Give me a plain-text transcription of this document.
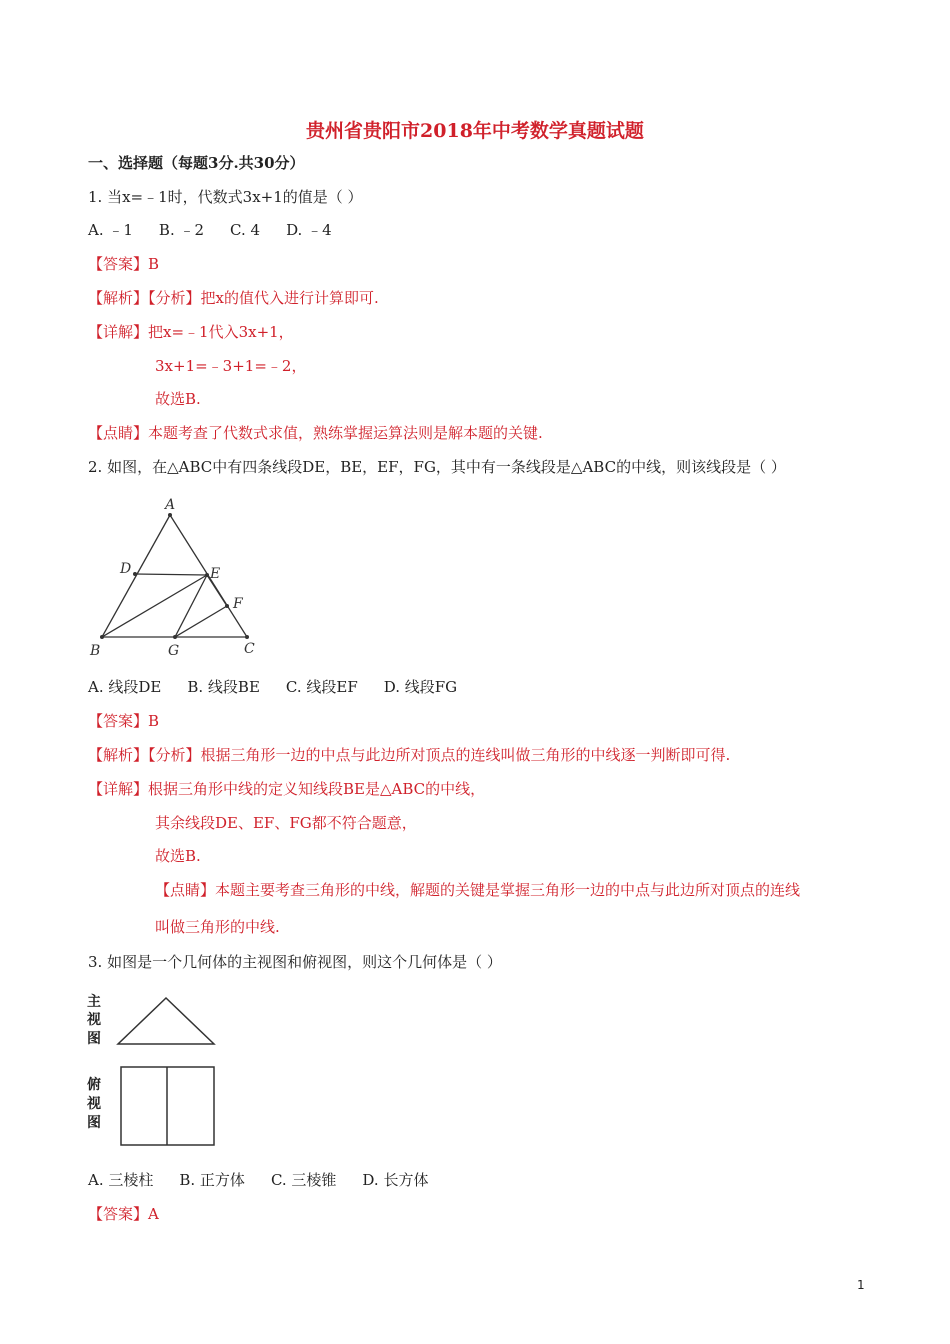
贵州省贵阳市2018年中考数学真题试题
一、选择题（每题3分.共30分）
1. 当x=﹣1时，代数式3x+1的值是（ ）
A. ﹣1 B. ﹣2 C. 4 D. ﹣4
【答案】B
【解析】【分析】把x的值代入进行计算即可.
【详解】把x=﹣1代入3x+1，
3x+1=﹣3+1=﹣2，
故选B.
【点睛】本题考查了代数式求值，熟练掌握运算法则是解本题的关键.
2. 如图，在△ABC中有四条线段DE，BE，EF，FG，其中有一条线段是△ABC的中线，则该线段是（ ）
A
D	E
F
B	G	C
A. 线段DE B. 线段BE C. 线段EF D. 线段FG
【答案】B
【解析】【分析】根据三角形一边的中点与此边所对顶点的连线叫做三角形的中线逐一判断即可得.
【详解】根据三角形中线的定义知线段BE是△ABC的中线，
其余线段DE、EF、FG都不符合题意，
故选B.
【点睛】本题主要考查三角形的中线，解题的关键是掌握三角形一边的中点与此边所对顶点的连线
叫做三角形的中线.
3. 如图是一个几何体的主视图和俯视图，则这个几何体是（ ）
主
视
图
俯
视
图
A. 三棱柱 B. 正方体 C. 三棱锥 D. 长方体
【答案】A
1
